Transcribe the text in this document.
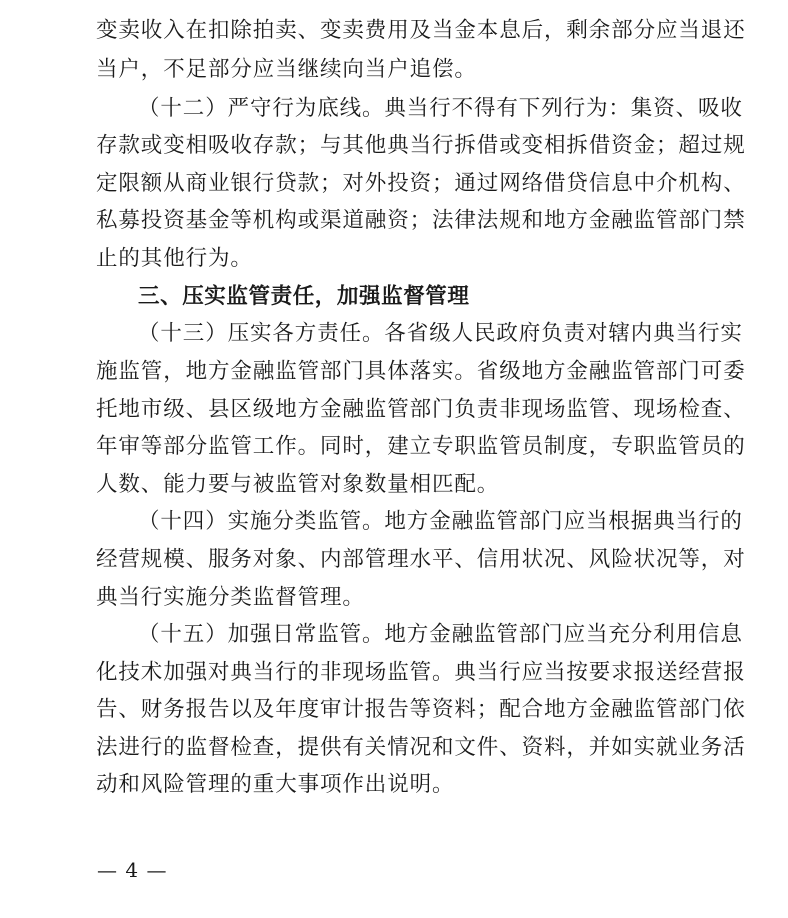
变卖收入在扣除拍卖、变卖费用及当金本息后，剩余部分应当退还
当户，不足部分应当继续向当户追偿。
（十二）严守行为底线。典当行不得有下列行为：集资、吸收
存款或变相吸收存款；与其他典当行拆借或变相拆借资金；超过规
定限额从商业银行贷款；对外投资；通过网络借贷信息中介机构、
私募投资基金等机构或渠道融资；法律法规和地方金融监管部门禁
止的其他行为。
三、压实监管责任，加强监督管理
（十三）压实各方责任。各省级人民政府负责对辖内典当行实
施监管，地方金融监管部门具体落实。省级地方金融监管部门可委
托地市级、县区级地方金融监管部门负责非现场监管、现场检查、
年审等部分监管工作。同时，建立专职监管员制度，专职监管员的
人数、能力要与被监管对象数量相匹配。
（十四）实施分类监管。地方金融监管部门应当根据典当行的
经营规模、服务对象、内部管理水平、信用状况、风险状况等，对
典当行实施分类监督管理。
（十五）加强日常监管。地方金融监管部门应当充分利用信息
化技术加强对典当行的非现场监管。典当行应当按要求报送经营报
告、财务报告以及年度审计报告等资料；配合地方金融监管部门依
法进行的监督检查，提供有关情况和文件、资料，并如实就业务活
动和风险管理的重大事项作出说明。
— 4 —
